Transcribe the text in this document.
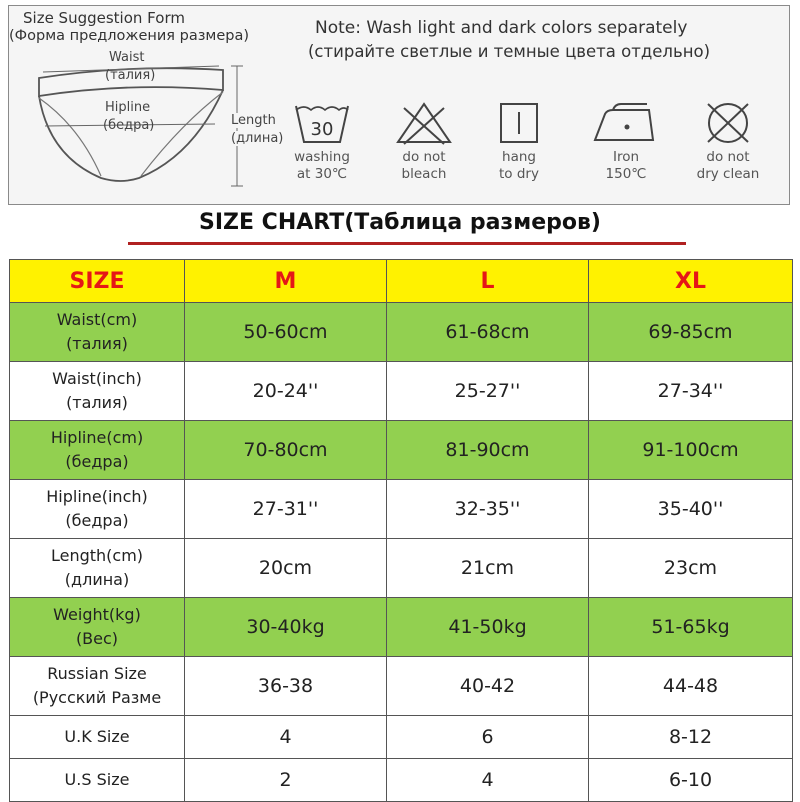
Size Suggestion Form
(Форма предложения размера)
Waist
(талия)
Hipline
(бедра)	Length
(длина)
Note: Wash light and dark colors separately
(стирайте светлые и темные цвета отдельно)
30
washing
at 30℃
do not
bleach
hang
to dry
Iron
150℃
do not
dry clean
SIZE CHART(Таблица размеров)
SIZE	M	L	XL

Waist(cm)
(талия)	50-60cm	61-68cm	69-85cm

Waist(inch)
(талия)	20-24''	25-27''	27-34''

Hipline(cm)
(бедра)	70-80cm	81-90cm	91-100cm

Hipline(inch)
(бедра)	27-31''	32-35''	35-40''

Length(cm)
(длина)	20cm	21cm	23cm

Weight(kg)
(Вес)	30-40kg	41-50kg	51-65kg

Russian Size
(Русский Разме	36-38	40-42	44-48

U.K Size	4	6	8-12

U.S Size	2	4	6-10
